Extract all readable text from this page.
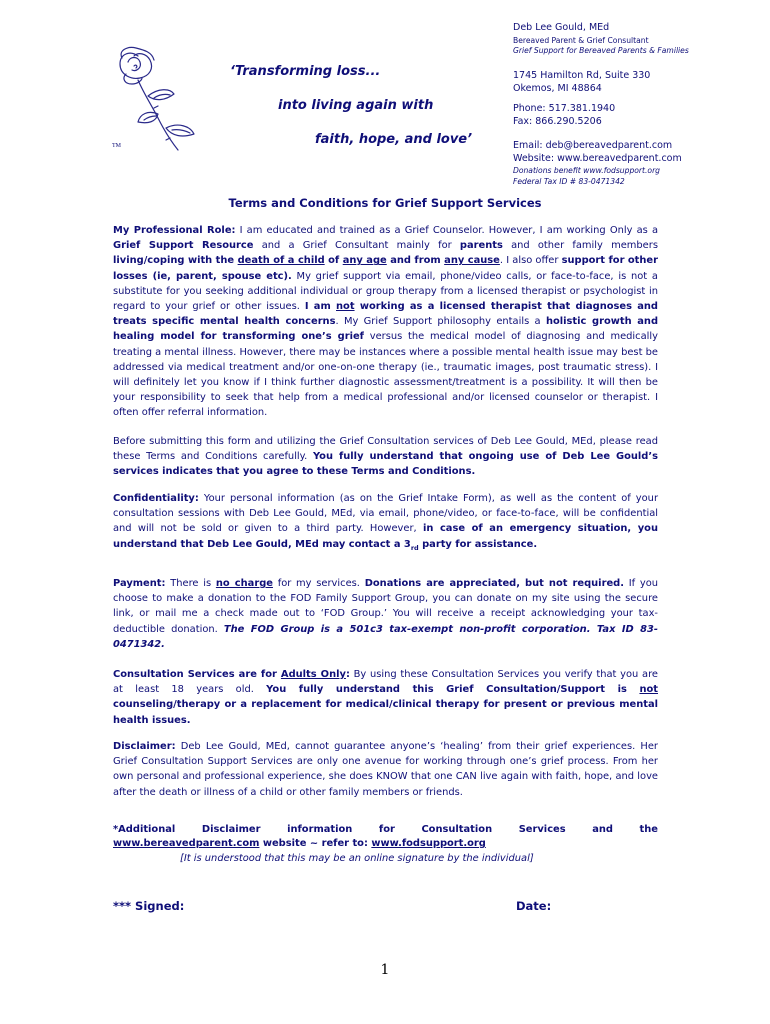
TM
‘Transforming loss...
into living again with
faith, hope, and love’
Deb Lee Gould, MEd
Bereaved Parent & Grief Consultant
Grief Support for Bereaved Parents & Families
1745 Hamilton Rd, Suite 330
Okemos, MI 48864
Phone: 517.381.1940
Fax: 866.290.5206
Email: deb@bereavedparent.com
Website: www.bereavedparent.com
Donations benefit www.fodsupport.org
Federal Tax ID # 83-0471342
Terms and Conditions for Grief Support Services
My Professional Role: I am educated and trained as a Grief Counselor. However, I am working Only as a Grief Support Resource and a Grief Consultant mainly for parents and other family members living/coping with the death of a child of any age and from any cause. I also offer support for other losses (ie, parent, spouse etc). My grief support via email, phone/video calls, or face-to-face, is not a substitute for you seeking additional individual or group therapy from a licensed therapist or psychologist in regard to your grief or other issues. I am not working as a licensed therapist that diagnoses and treats specific mental health concerns. My Grief Support philosophy entails a holistic growth and healing model for transforming one’s grief versus the medical model of diagnosing and medically treating a mental illness. However, there may be instances where a possible mental health issue may best be addressed via medical treatment and/or one-on-one therapy (ie., traumatic images, post traumatic stress). I will definitely let you know if I think further diagnostic assessment/treatment is a possibility. It will then be your responsibility to seek that help from a medical professional and/or licensed counselor or therapist. I often offer referral information.
Before submitting this form and utilizing the Grief Consultation services of Deb Lee Gould, MEd, please read these Terms and Conditions carefully. You fully understand that ongoing use of Deb Lee Gould’s services indicates that you agree to these Terms and Conditions.
Confidentiality: Your personal information (as on the Grief Intake Form), as well as the content of your consultation sessions with Deb Lee Gould, MEd, via email, phone/video, or face-to-face, will be confidential and will not be sold or given to a third party. However, in case of an emergency situation, you understand that Deb Lee Gould, MEd may contact a $3_{rd}$ party for assistance.
Payment: There is no charge for my services. Donations are appreciated, but not required. If you choose to make a donation to the FOD Family Support Group, you can donate on my site using the secure link, or mail me a check made out to ‘FOD Group.’ You will receive a receipt acknowledging your tax-deductible donation. The FOD Group is a 501c3 tax-exempt non-profit corporation. Tax ID 83-0471342.
Consultation Services are for Adults Only: By using these Consultation Services you verify that you are at least 18 years old. You fully understand this Grief Consultation/Support is not counseling/therapy or a replacement for medical/clinical therapy for present or previous mental health issues.
Disclaimer: Deb Lee Gould, MEd, cannot guarantee anyone’s ‘healing’ from their grief experiences. Her Grief Consultation Support Services are only one avenue for working through one’s grief process. From her own personal and professional experience, she does KNOW that one CAN live again with faith, hope, and love after the death or illness of a child or other family members or friends.
*Additional	Disclaimer	information	for	Consultation	Services	and	the
www.bereavedparent.com website ~ refer to: www.fodsupport.org
[It is understood that this may be an online signature by the individual]
*** Signed:	Date:
1
